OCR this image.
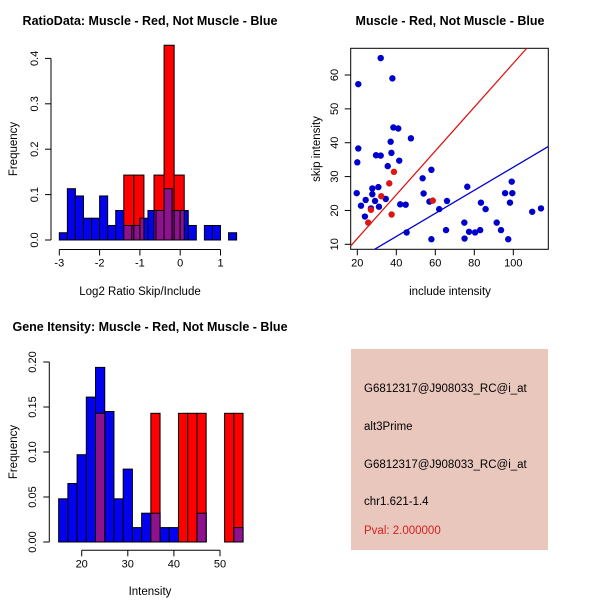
RatioData: Muscle - Red, Not Muscle - Blue
Frequency
0.0
0.1
0.2
0.3
0.4
-3	-2	-1	0	1
Log2 Ratio Skip/Include
Muscle - Red, Not Muscle - Blue
skip intensity
20 40 60 80 100
10
20
30
40
50
60
include intensity
Gene Itensity: Muscle - Red, Not Muscle - Blue
Frequency
0.00
0.05
0.10
0.15
0.20
20	30	40	50
Intensity
G6812317@J908033_RC@i_at
alt3Prime
G6812317@J908033_RC@i_at
chr1.621-1.4
Pval: 2.000000
